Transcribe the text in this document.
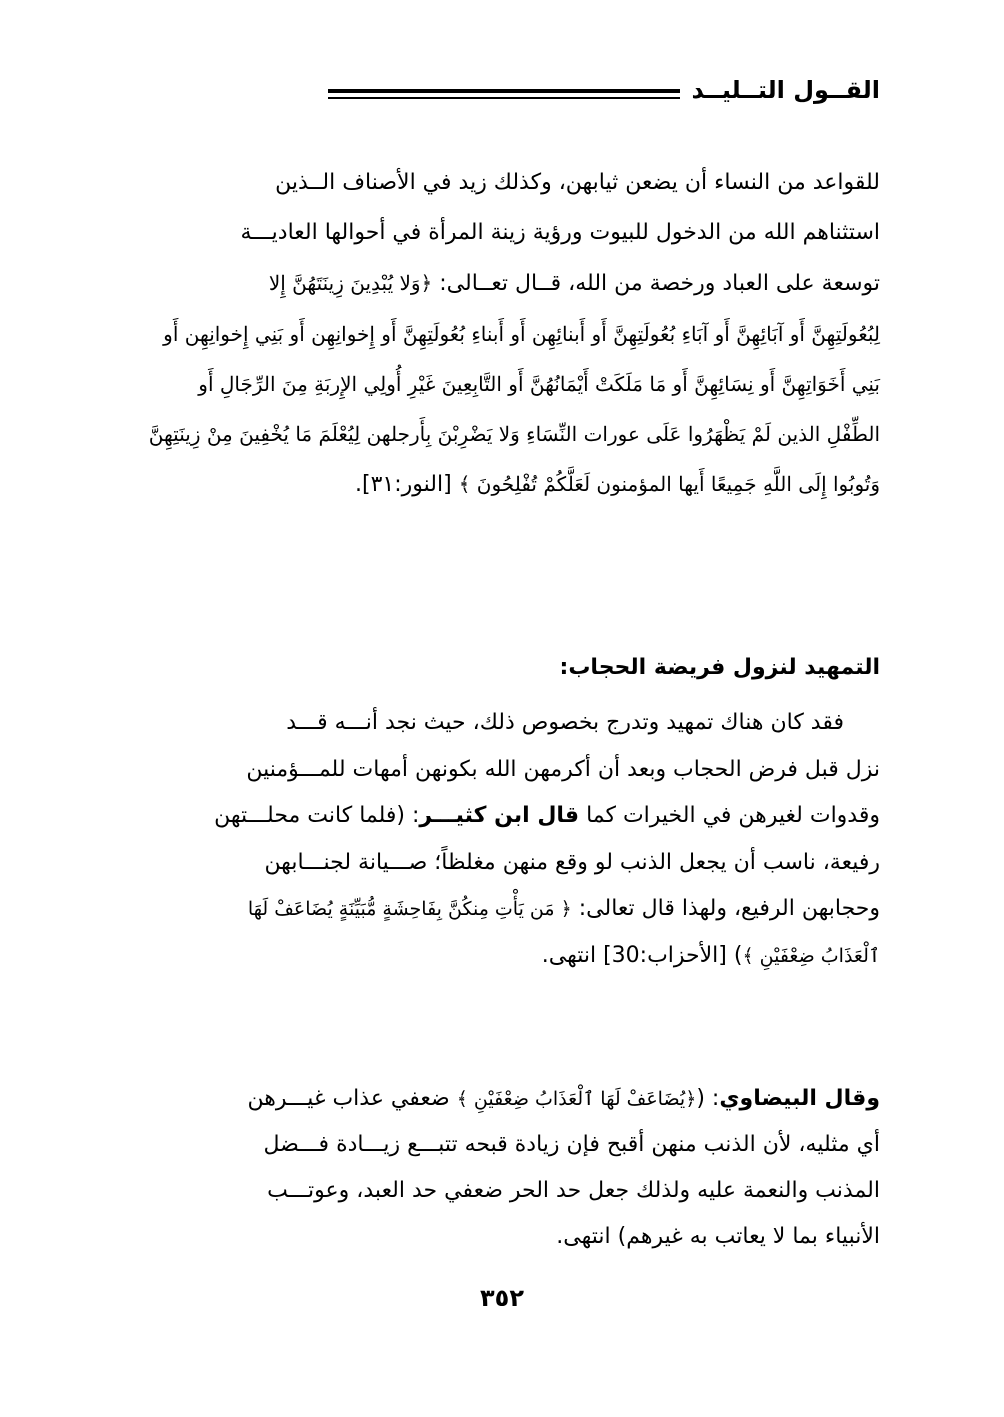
القــول التــليــد
للقواعد من النساء أن يضعن ثيابهن، وكذلك زيد في الأصناف الــذين
استثناهم الله من الدخول للبيوت ورؤية زينة المرأة في أحوالها العاديـــة
توسعة على العباد ورخصة من الله، قــال تعــالى: ﴿وَلا يُبْدِينَ زِينَتَهُنَّ إِلا
لِبُعُولَتِهِنَّ أَو آبَائِهِنَّ أَو آبَاءِ بُعُولَتِهِنَّ أَو أَبنائِهِن أَو أَبناءِ بُعُولَتِهِنَّ أَو إِخوانِهِن أَو بَنِي إِخوانِهِن أَو
بَنِي أَخَوَاتِهِنَّ أَو نِسَائِهِنَّ أَو مَا مَلَكَتْ أَيْمَانُهُنَّ أَو التَّابِعِينَ غَيْرِ أُولِي الإِربَةِ مِنَ الرِّجَالِ أَو
الطِّفْلِ الذين لَمْ يَظْهَرُوا عَلَى عورات النِّسَاءِ وَلا يَضْرِبْنَ بِأَرجلهن لِيُعْلَمَ مَا يُخْفِينَ مِنْ زِينَتِهِنَّ
وَتُوبُوا إِلَى اللَّهِ جَمِيعًا أَيها المؤمنون لَعَلَّكُمْ تُفْلِحُونَ ﴾ [النور:٣١].
التمهيد لنزول فريضة الحجاب:
فقد كان هناك تمهيد وتدرج بخصوص ذلك، حيث نجد أنـــه قـــد
نزل قبل فرض الحجاب وبعد أن أكرمهن الله بكونهن أمهات للمـــؤمنين
وقدوات لغيرهن في الخيرات كما قال ابن كثيـــر: (فلما كانت محلـــتهن
رفيعة، ناسب أن يجعل الذنب لو وقع منهن مغلظاً؛ صـــيانة لجنـــابهن
وحجابهن الرفيع، ولهذا قال تعالى: ﴿ مَن يَأْتِ مِنكُنَّ بِفَاحِشَةٍ مُّبَيِّنَةٍ يُضَاعَفْ لَهَا
ٱلْعَذَابُ ضِعْفَيْنِ ﴾) [الأحزاب:30] انتهى.
وقال البيضاوي: (﴿يُضَاعَفْ لَهَا ٱلْعَذَابُ ضِعْفَيْنِ ﴾ ضعفي عذاب غيـــرهن
أي مثليه، لأن الذنب منهن أقبح فإن زيادة قبحه تتبـــع زيـــادة فـــضل
المذنب والنعمة عليه ولذلك جعل حد الحر ضعفي حد العبد، وعوتـــب
الأنبياء بما لا يعاتب به غيرهم) انتهى.
٣٥٢
